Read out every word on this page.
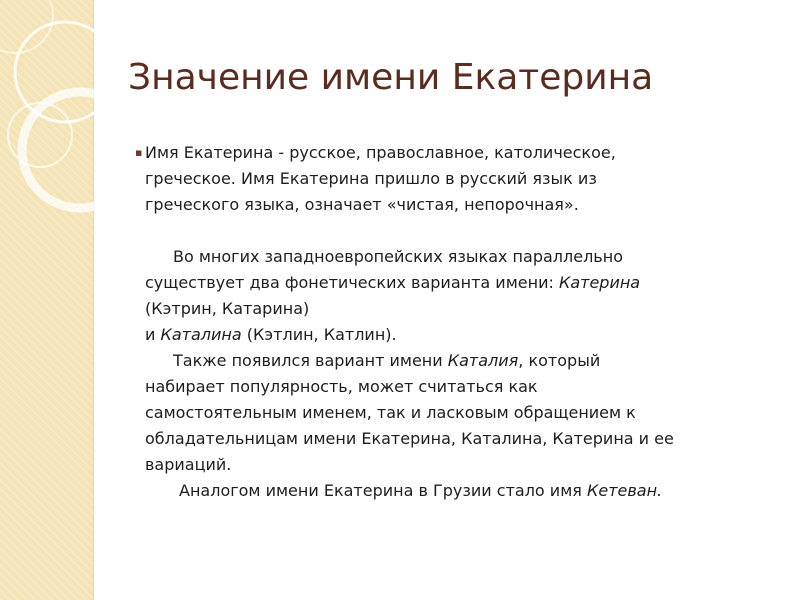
Значение имени Екатерина
▪ Имя Екатерина - русское, православное, католическое,
греческое. Имя Екатерина пришло в русский язык из
греческого языка, означает «чистая, непорочная».

Во многих западноевропейских языках параллельно
существует два фонетических варианта имени: Катерина
(Кэтрин, Катарина)
и Каталина (Кэтлин, Катлин).

Также появился вариант имени Каталия, который
набирает популярность, может считаться как
самостоятельным именем, так и ласковым обращением к
обладательницам имени Екатерина, Каталина, Катерина и ее
вариаций.

Аналогом имени Екатерина в Грузии стало имя Кетеван.
